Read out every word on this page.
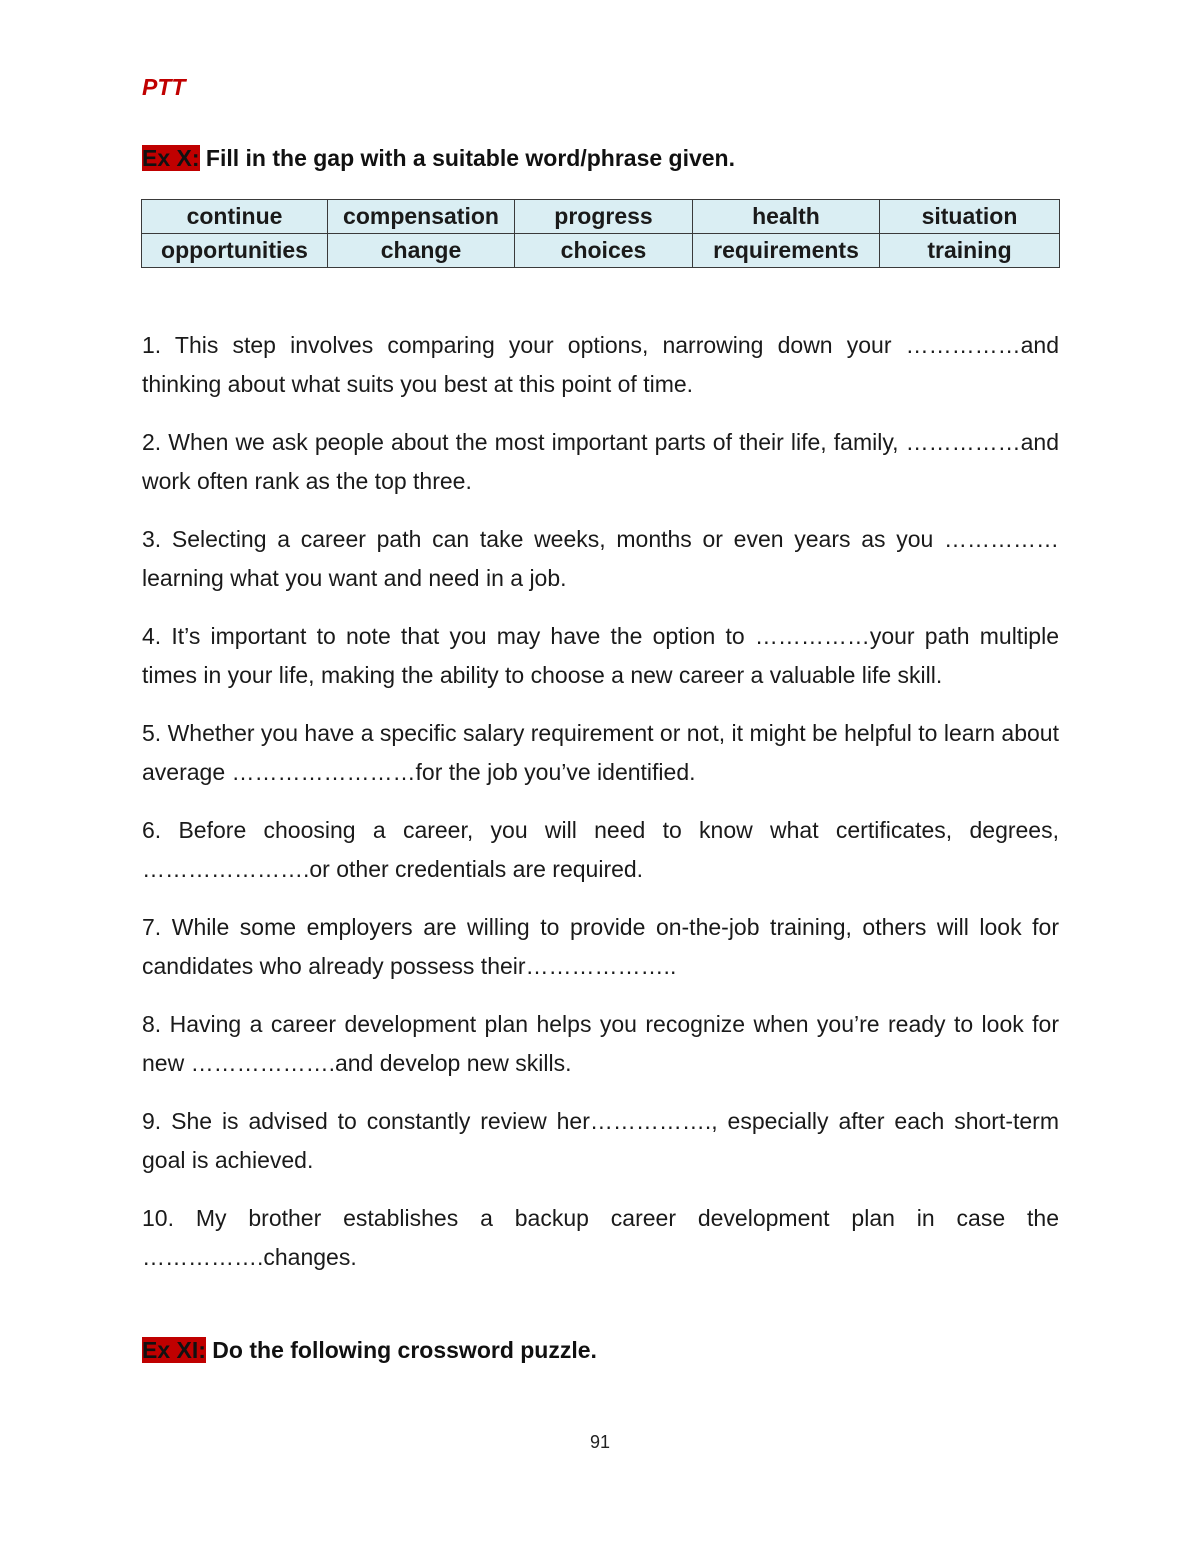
PTT
Ex X: Fill in the gap with a suitable word/phrase given.
continue	compensation	progress	health	situation
opportunities	change	choices	requirements	training

1. This step involves comparing your options, narrowing down your ……………and thinking about what suits you best at this point of time.

2. When we ask people about the most important parts of their life, family, ……………and work often rank as the top three.

3. Selecting a career path can take weeks, months or even years as you ……………learning what you want and need in a job.

4. It’s important to note that you may have the option to ……………your path multiple times in your life, making the ability to choose a new career a valuable life skill.

5. Whether you have a specific salary requirement or not, it might be helpful to learn about average ……………………for the job you’ve identified.

6. Before choosing a career, you will need to know what certificates, degrees, ………………….or other credentials are required.

7. While some employers are willing to provide on-the-job training, others will look for candidates who already possess their………………..

8. Having a career development plan helps you recognize when you’re ready to look for new ……………….and develop new skills.

9. She is advised to constantly review her……………., especially after each short-term goal is achieved.

10. My brother establishes a backup career development plan in case the …………….changes.

Ex XI: Do the following crossword puzzle.
91
